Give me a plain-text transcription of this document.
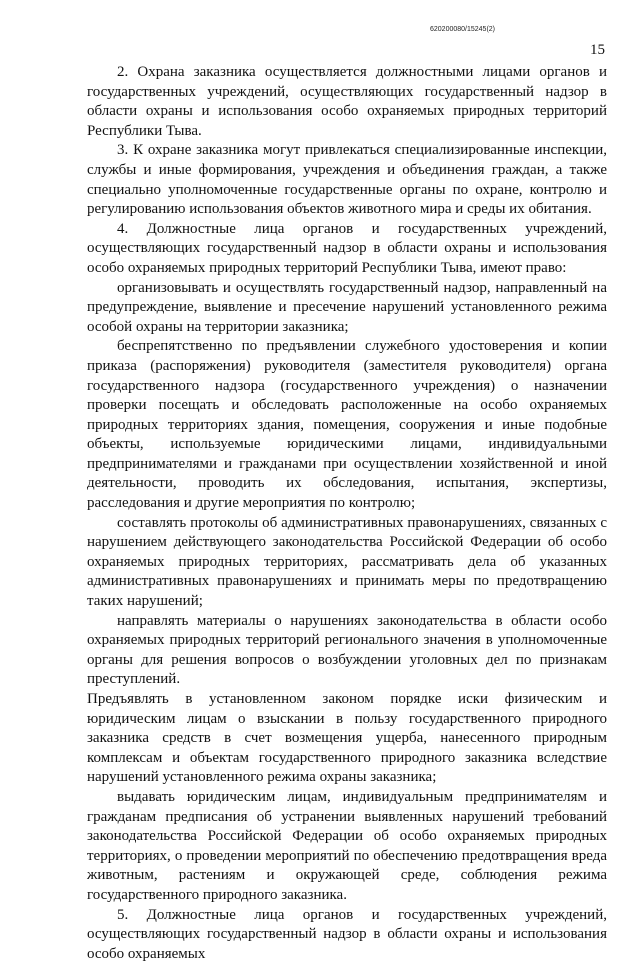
620200080/15245(2)
15

2. Охрана заказника осуществляется должностными лицами органов и государственных учреждений, осуществляющих государственный надзор в области охраны и использования особо охраняемых природных территорий Республики Тыва.

3. К охране заказника могут привлекаться специализированные инспекции, службы и иные формирования, учреждения и объединения граждан, а также специально уполномоченные государственные органы по охране, контролю и регулированию использования объектов животного мира и среды их обитания.

4. Должностные лица органов и государственных учреждений, осуществляющих государственный надзор в области охраны и использования особо охраняемых природных территорий Республики Тыва, имеют право:

организовывать и осуществлять государственный надзор, направленный на предупреждение, выявление и пресечение нарушений установленного режима особой охраны на территории заказника;

беспрепятственно по предъявлении служебного удостоверения и копии приказа (распоряжения) руководителя (заместителя руководителя) органа государственного надзора (государственного учреждения) о назначении проверки посещать и обследовать расположенные на особо охраняемых природных территориях здания, помещения, сооружения и иные подобные объекты, используемые юридическими лицами, индивидуальными предпринимателями и гражданами при осуществлении хозяйственной и иной деятельности, проводить их обследования, испытания, экспертизы, расследования и другие мероприятия по контролю;

составлять протоколы об административных правонарушениях, связанных с нарушением действующего законодательства Российской Федерации об особо охраняемых природных территориях, рассматривать дела об указанных административных правонарушениях и принимать меры по предотвращению таких нарушений;

направлять материалы о нарушениях законодательства в области особо охраняемых природных территорий регионального значения в уполномоченные органы для решения вопросов о возбуждении уголовных дел по признакам преступлений.

Предъявлять в установленном законом порядке иски физическим и юридическим лицам о взыскании в пользу государственного природного заказника средств в счет возмещения ущерба, нанесенного природным комплексам и объектам государственного природного заказника вследствие нарушений установленного режима охраны заказника;

выдавать юридическим лицам, индивидуальным предпринимателям и гражданам предписания об устранении выявленных нарушений требований законодательства Российской Федерации об особо охраняемых природных территориях, о проведении мероприятий по обеспечению предотвращения вреда животным, растениям и окружающей среде, соблюдения режима государственного природного заказника.

5. Должностные лица органов и государственных учреждений, осуществляющих государственный надзор в области охраны и использования особо охраняемых
